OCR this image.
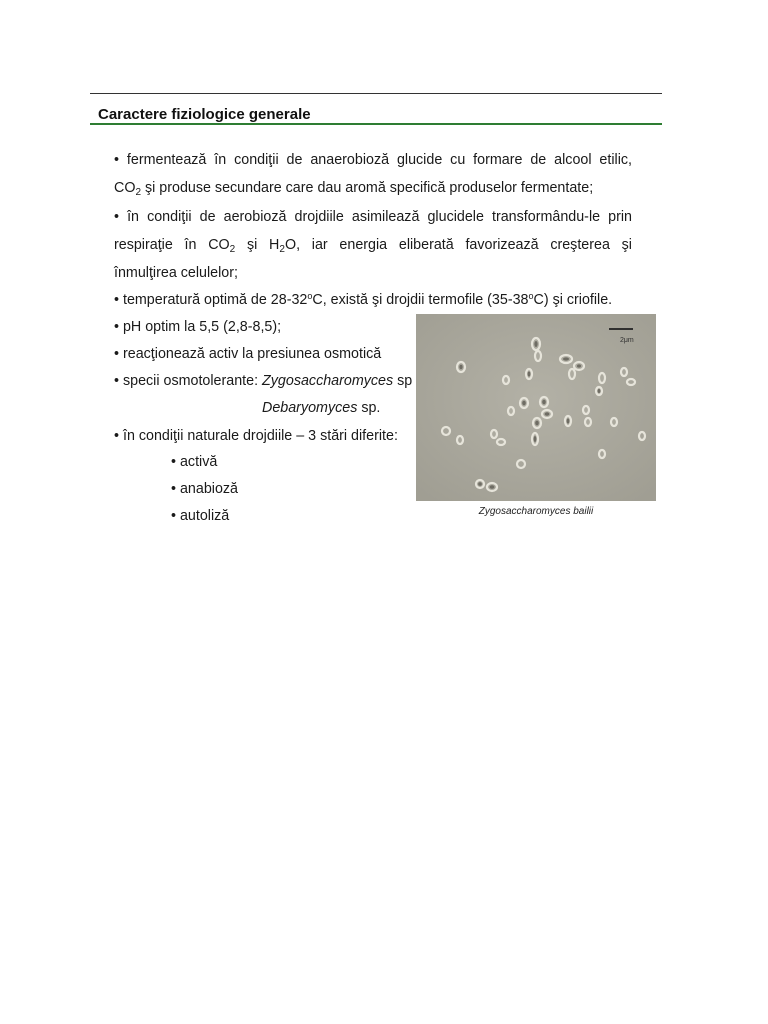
Caractere fiziologice generale
• fermentează în condiţii de anaerobioză glucide cu formare de alcool etilic,
$CO_2$ şi produse secundare care dau aromă specifică produselor fermentate;
• în condiţii de aerobioză drojdiile asimilează glucidele transformându-le prin
respiraţie în $CO_2$ şi $H_2O$, iar energia eliberată favorizează creşterea şi
înmulţirea celulelor;
• temperatură optimă de 28-32$^o$C, există şi drojdii termofile (35-38$^o$C) şi criofile.
• pH optim la 5,5 (2,8-8,5);
• reacţionează activ la presiunea osmotică
• specii osmotolerante: Zygosaccharomyces sp
Debaryomyces sp.
• în condiţii naturale drojdiile – 3 stări diferite:
• activă
• anabioză
• autoliză
2μm
Zygosaccharomyces bailii
